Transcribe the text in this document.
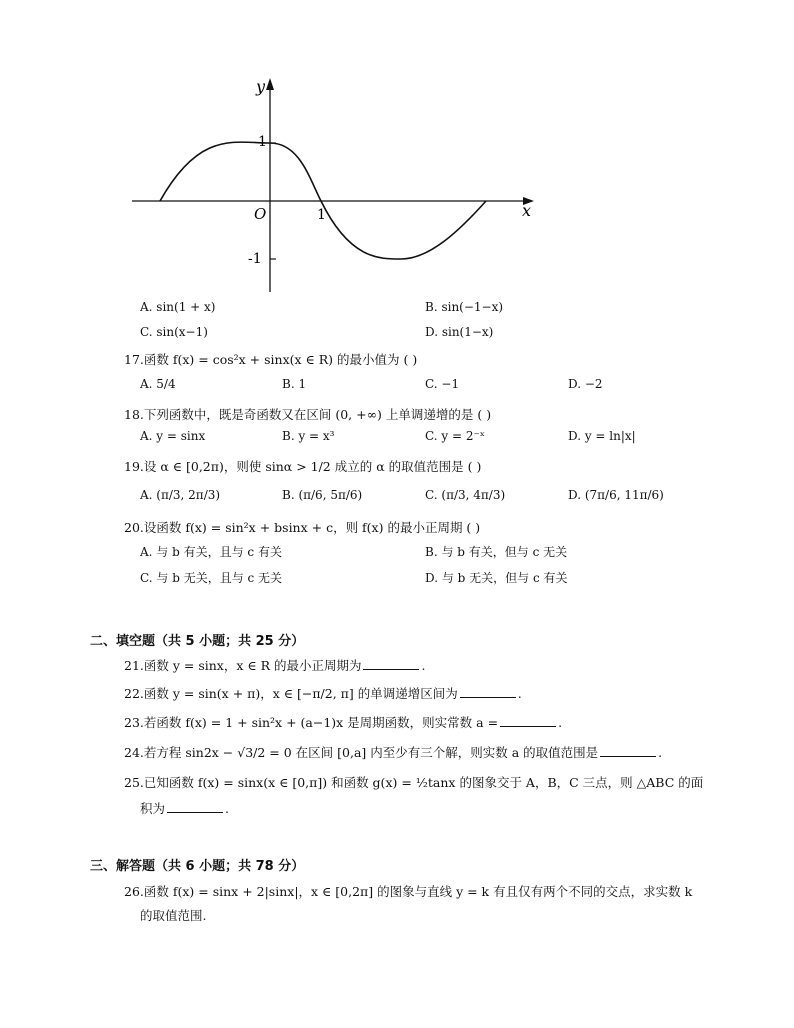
y
x
O
1
1
-1
A. sin(1 + x)	B. sin(−1−x)
C. sin(x−1)	D. sin(1−x)
17.函数 f(x) = cos²x + sinx(x ∈ R) 的最小值为 ( )
A. 5/4	B. 1	C. −1	D. −2
18.下列函数中，既是奇函数又在区间 (0, +∞) 上单调递增的是 ( )
A. y = sinx	B. y = x³	C. y = 2⁻ˣ	D. y = ln|x|
19.设 α ∈ [0,2π)，则使 sinα > 1/2 成立的 α 的取值范围是 ( )
A. (π/3, 2π/3)	B. (π/6, 5π/6)	C. (π/3, 4π/3)	D. (7π/6, 11π/6)
20.设函数 f(x) = sin²x + bsinx + c，则 f(x) 的最小正周期 ( )
A. 与 b 有关，且与 c 有关	B. 与 b 有关，但与 c 无关
C. 与 b 无关，且与 c 无关	D. 与 b 无关，但与 c 有关
二、填空题（共 5 小题；共 25 分）
21.函数 y = sinx，x ∈ R 的最小正周期为	.
22.函数 y = sin(x + π)，x ∈ [−π/2, π] 的单调递增区间为	.
23.若函数 f(x) = 1 + sin²x + (a−1)x 是周期函数，则实常数 a =	.
24.若方程 sin2x − √3/2 = 0 在区间 [0,a] 内至少有三个解，则实数 a 的取值范围是	.
25.已知函数 f(x) = sinx(x ∈ [0,π]) 和函数 g(x) = ½tanx 的图象交于 A，B，C 三点，则 △ABC 的面
积为	.
三、解答题（共 6 小题；共 78 分）
26.函数 f(x) = sinx + 2|sinx|，x ∈ [0,2π] 的图象与直线 y = k 有且仅有两个不同的交点，求实数 k
的取值范围.
